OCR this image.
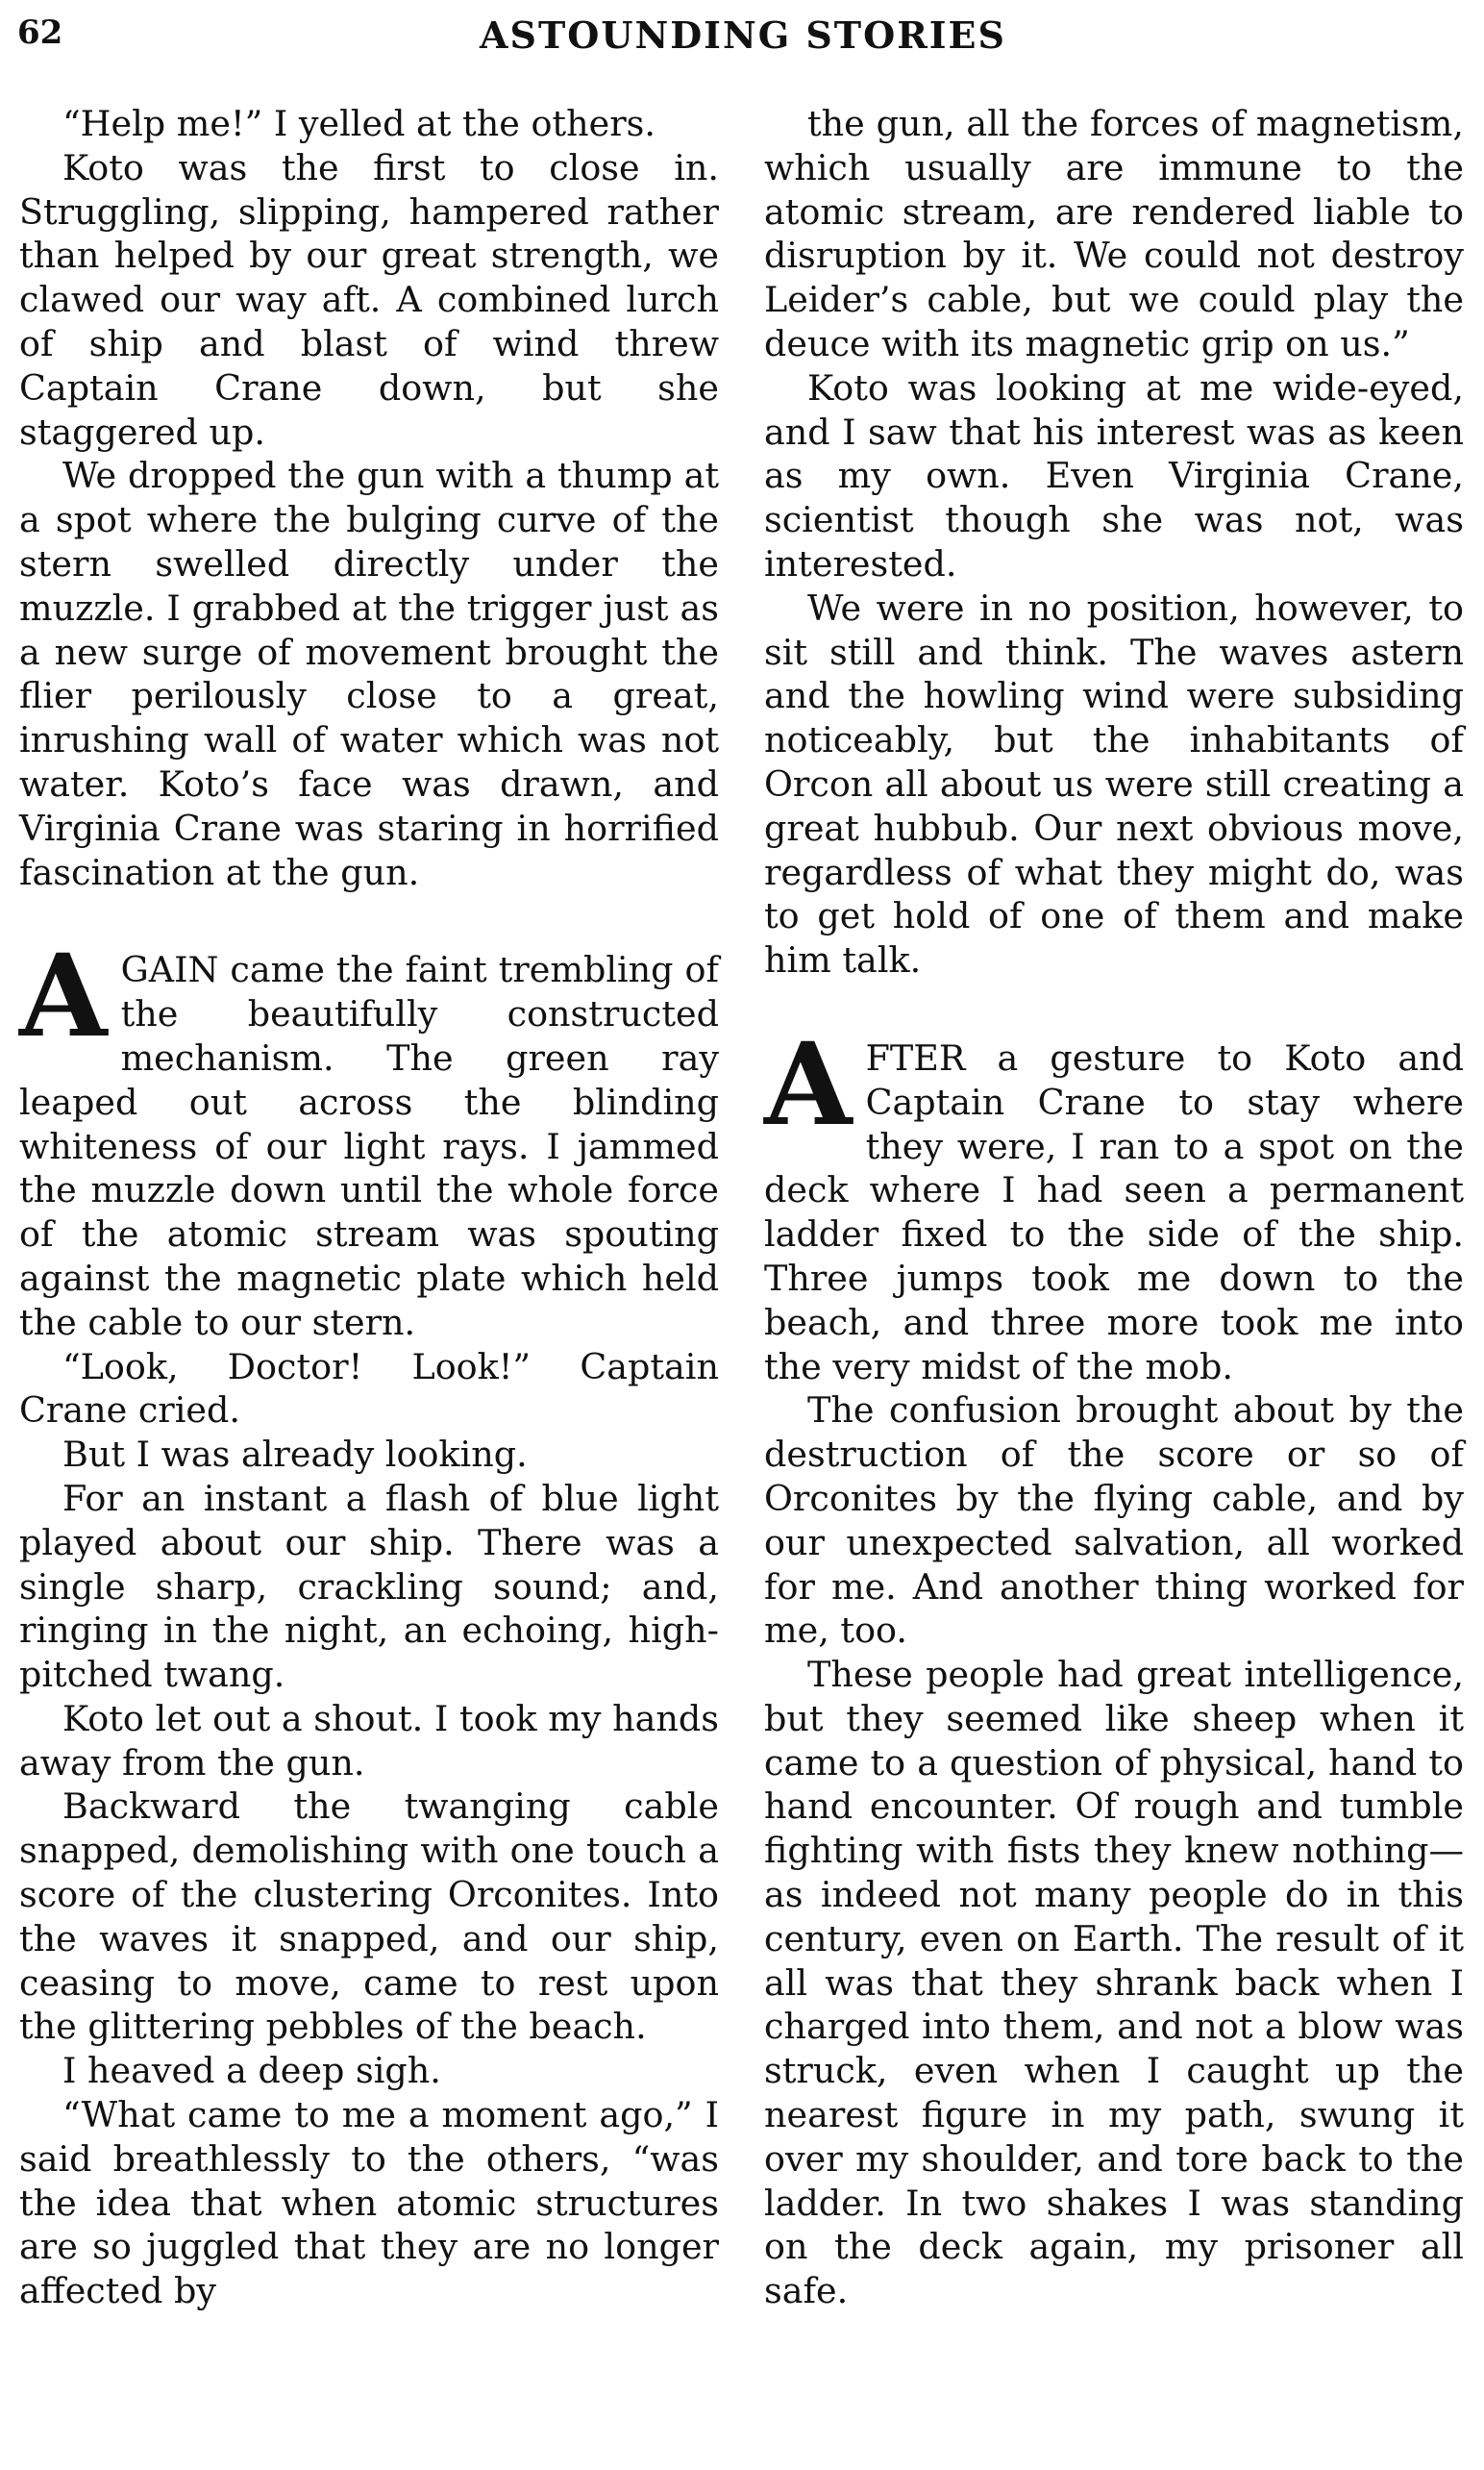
62	ASTOUNDING STORIES

“Help me!” I yelled at the others.

Koto was the first to close in. Struggling, slipping, hampered rather than helped by our great strength, we clawed our way aft. A combined lurch of ship and blast of wind threw Captain Crane down, but she staggered up.

We dropped the gun with a thump at a spot where the bulging curve of the stern swelled directly under the muzzle. I grabbed at the trigger just as a new surge of movement brought the flier perilously close to a great, inrushing wall of water which was not water. Koto’s face was drawn, and Virginia Crane was staring in horrified fascination at the gun.

AGAIN came the faint trembling of the beautifully constructed mechanism. The green ray leaped out across the blinding whiteness of our light rays. I jammed the muzzle down until the whole force of the atomic stream was spouting against the magnetic plate which held the cable to our stern.

“Look, Doctor! Look!” Captain Crane cried.

But I was already looking.

For an instant a flash of blue light played about our ship. There was a single sharp, crackling sound; and, ringing in the night, an echoing, high-pitched twang.

Koto let out a shout. I took my hands away from the gun.

Backward the twanging cable snapped, demolishing with one touch a score of the clustering Orconites. Into the waves it snapped, and our ship, ceasing to move, came to rest upon the glittering pebbles of the beach.

I heaved a deep sigh.

“What came to me a moment ago,” I said breathlessly to the others, “was the idea that when atomic structures are so juggled that they are no longer affected by

the gun, all the forces of magnetism, which usually are immune to the atomic stream, are rendered liable to disruption by it. We could not destroy Leider’s cable, but we could play the deuce with its magnetic grip on us.”

Koto was looking at me wide-eyed, and I saw that his interest was as keen as my own. Even Virginia Crane, scientist though she was not, was interested.

We were in no position, however, to sit still and think. The waves astern and the howling wind were subsiding noticeably, but the inhabitants of Orcon all about us were still creating a great hubbub. Our next obvious move, regardless of what they might do, was to get hold of one of them and make him talk.

AFTER a gesture to Koto and Captain Crane to stay where they were, I ran to a spot on the deck where I had seen a permanent ladder fixed to the side of the ship. Three jumps took me down to the beach, and three more took me into the very midst of the mob.

The confusion brought about by the destruction of the score or so of Orconites by the flying cable, and by our unexpected salvation, all worked for me. And another thing worked for me, too.

These people had great intelligence, but they seemed like sheep when it came to a question of physical, hand to hand encounter. Of rough and tumble fighting with fists they knew nothing—as indeed not many people do in this century, even on Earth. The result of it all was that they shrank back when I charged into them, and not a blow was struck, even when I caught up the nearest figure in my path, swung it over my shoulder, and tore back to the ladder. In two shakes I was standing on the deck again, my prisoner all safe.
